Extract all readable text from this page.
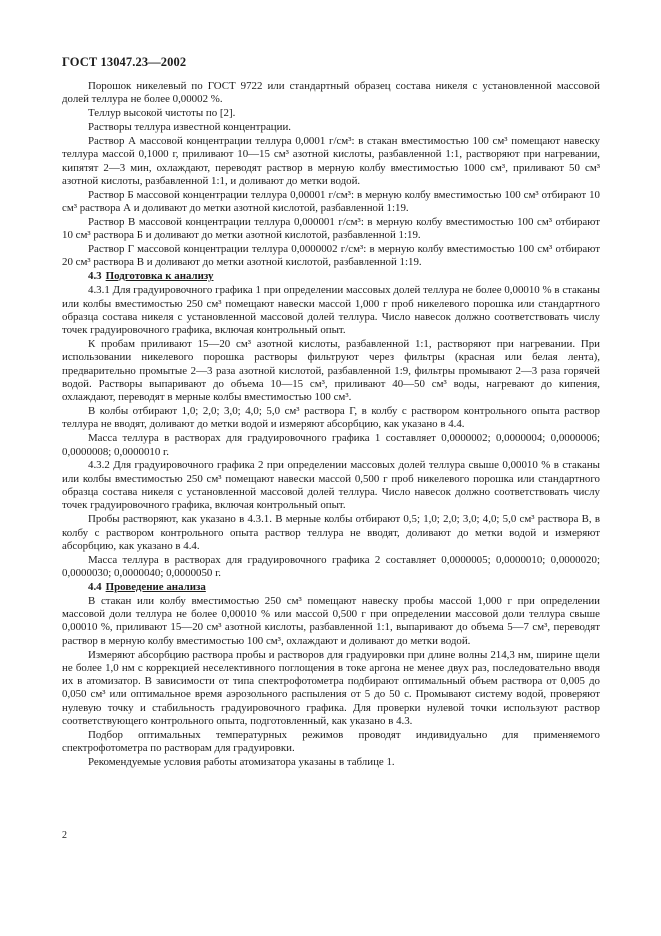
ГОСТ 13047.23—2002

Порошок никелевый по ГОСТ 9722 или стандартный образец состава никеля с установленной массовой долей теллура не более 0,00002 %.

Теллур высокой чистоты по [2].

Растворы теллура известной концентрации.

Раствор А массовой концентрации теллура 0,0001 г/см³: в стакан вместимостью 100 см³ помещают навеску теллура массой 0,1000 г, приливают 10—15 см³ азотной кислоты, разбавленной 1:1, растворяют при нагревании, кипятят 2—3 мин, охлаждают, переводят раствор в мерную колбу вместимостью 1000 см³, приливают 50 см³ азотной кислоты, разбавленной 1:1, и доливают до метки водой.

Раствор Б массовой концентрации теллура 0,00001 г/см³: в мерную колбу вместимостью 100 см³ отбирают 10 см³ раствора А и доливают до метки азотной кислотой, разбавленной 1:19.

Раствор В массовой концентрации теллура 0,000001 г/см³: в мерную колбу вместимостью 100 см³ отбирают 10 см³ раствора Б и доливают до метки азотной кислотой, разбавленной 1:19.

Раствор Г массовой концентрации теллура 0,0000002 г/см³: в мерную колбу вместимостью 100 см³ отбирают 20 см³ раствора В и доливают до метки азотной кислотой, разбавленной 1:19.

4.3 Подготовка к анализу

4.3.1 Для градуировочного графика 1 при определении массовых долей теллура не более 0,00010 % в стаканы или колбы вместимостью 250 см³ помещают навески массой 1,000 г проб никелевого порошка или стандартного образца состава никеля с установленной массовой долей теллура. Число навесок должно соответствовать числу точек градуировочного графика, включая контрольный опыт.

К пробам приливают 15—20 см³ азотной кислоты, разбавленной 1:1, растворяют при нагревании. При использовании никелевого порошка растворы фильтруют через фильтры (красная или белая лента), предварительно промытые 2—3 раза азотной кислотой, разбавленной 1:9, фильтры промывают 2—3 раза горячей водой. Растворы выпаривают до объема 10—15 см³, приливают 40—50 см³ воды, нагревают до кипения, охлаждают, переводят в мерные колбы вместимостью 100 см³.

В колбы отбирают 1,0; 2,0; 3,0; 4,0; 5,0 см³ раствора Г, в колбу с раствором контрольного опыта раствор теллура не вводят, доливают до метки водой и измеряют абсорбцию, как указано в 4.4.

Масса теллура в растворах для градуировочного графика 1 составляет 0,0000002; 0,0000004; 0,0000006; 0,0000008; 0,0000010 г.

4.3.2 Для градуировочного графика 2 при определении массовых долей теллура свыше 0,00010 % в стаканы или колбы вместимостью 250 см³ помещают навески массой 0,500 г проб никелевого порошка или стандартного образца состава никеля с установленной массовой долей теллура. Число навесок должно соответствовать числу точек градуировочного графика, включая контрольный опыт.

Пробы растворяют, как указано в 4.3.1. В мерные колбы отбирают 0,5; 1,0; 2,0; 3,0; 4,0; 5,0 см³ раствора В, в колбу с раствором контрольного опыта раствор теллура не вводят, доливают до метки водой и измеряют абсорбцию, как указано в 4.4.

Масса теллура в растворах для градуировочного графика 2 составляет 0,0000005; 0,0000010; 0,0000020; 0,0000030; 0,0000040; 0,0000050 г.

4.4 Проведение анализа

В стакан или колбу вместимостью 250 см³ помещают навеску пробы массой 1,000 г при определении массовой доли теллура не более 0,00010 % или массой 0,500 г при определении массовой доли теллура свыше 0,00010 %, приливают 15—20 см³ азотной кислоты, разбавленной 1:1, выпаривают до объема 5—7 см³, переводят раствор в мерную колбу вместимостью 100 см³, охлаждают и доливают до метки водой.

Измеряют абсорбцию раствора пробы и растворов для градуировки при длине волны 214,3 нм, ширине щели не более 1,0 нм с коррекцией неселективного поглощения в токе аргона не менее двух раз, последовательно вводя их в атомизатор. В зависимости от типа спектрофотометра подбирают оптимальный объем раствора от 0,005 до 0,050 см³ или оптимальное время аэрозольного распыления от 5 до 50 с. Промывают систему водой, проверяют нулевую точку и стабильность градуировочного графика. Для проверки нулевой точки используют раствор соответствующего контрольного опыта, подготовленный, как указано в 4.3.

Подбор оптимальных температурных режимов проводят индивидуально для применяемого спектрофотометра по растворам для градуировки.

Рекомендуемые условия работы атомизатора указаны в таблице 1.

2
